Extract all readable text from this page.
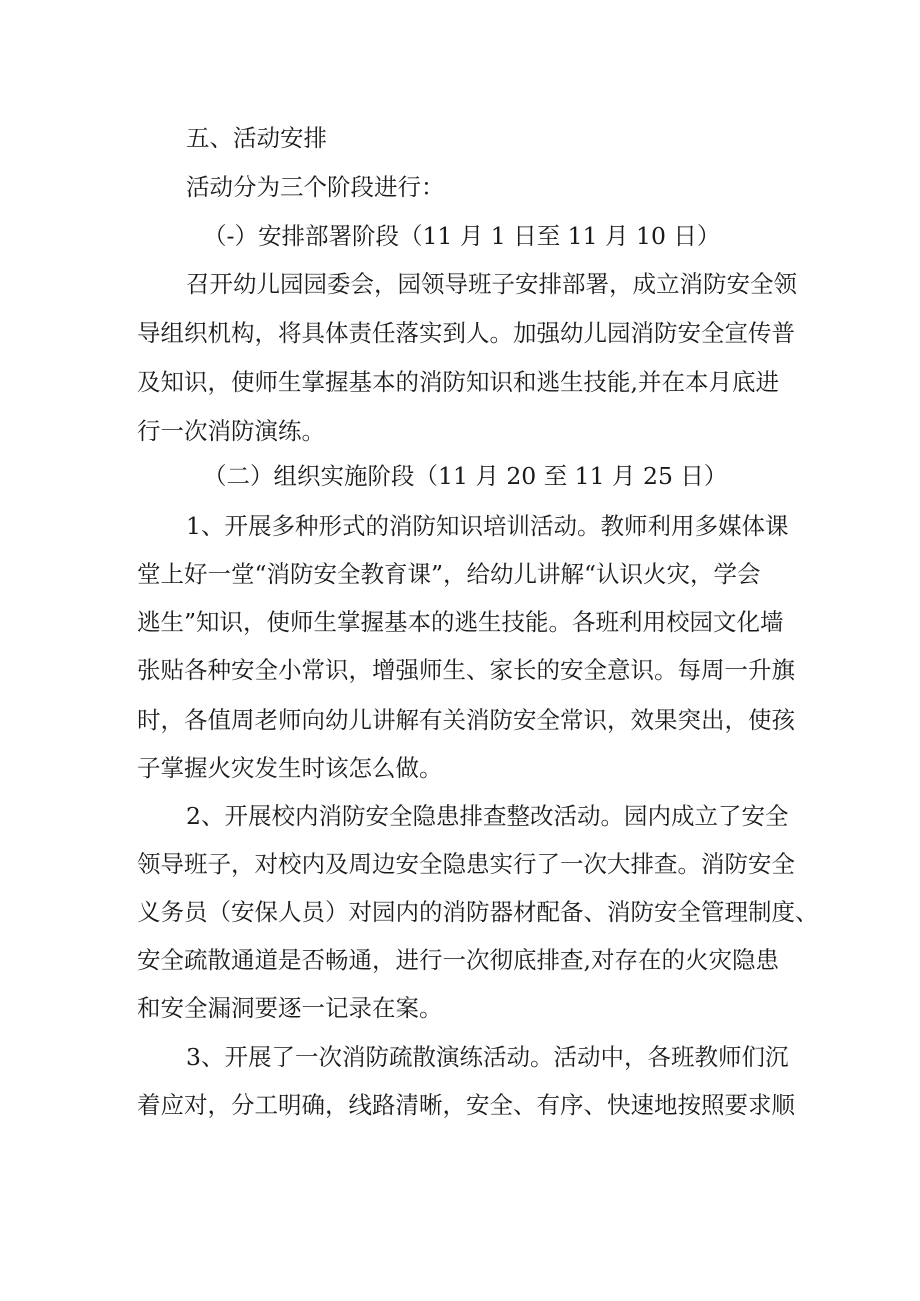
五、活动安排
活动分为三个阶段进行：
（-）安排部署阶段（11 月 1 日至 11 月 10 日）
召开幼儿园园委会，园领导班子安排部署，成立消防安全领
导组织机构，将具体责任落实到人。加强幼儿园消防安全宣传普
及知识，使师生掌握基本的消防知识和逃生技能,并在本月底进
行一次消防演练。
（二）组织实施阶段（11 月 20 至 11 月 25 日）
1、开展多种形式的消防知识培训活动。教师利用多媒体课
堂上好一堂“消防安全教育课”，给幼儿讲解“认识火灾，学会
逃生”知识，使师生掌握基本的逃生技能。各班利用校园文化墙
张贴各种安全小常识，增强师生、家长的安全意识。每周一升旗
时，各值周老师向幼儿讲解有关消防安全常识，效果突出，使孩
子掌握火灾发生时该怎么做。
2、开展校内消防安全隐患排查整改活动。园内成立了安全
领导班子，对校内及周边安全隐患实行了一次大排查。消防安全
义务员（安保人员）对园内的消防器材配备、消防安全管理制度、
安全疏散通道是否畅通，进行一次彻底排查,对存在的火灾隐患
和安全漏洞要逐一记录在案。
3、开展了一次消防疏散演练活动。活动中，各班教师们沉
着应对，分工明确，线路清晰，安全、有序、快速地按照要求顺
